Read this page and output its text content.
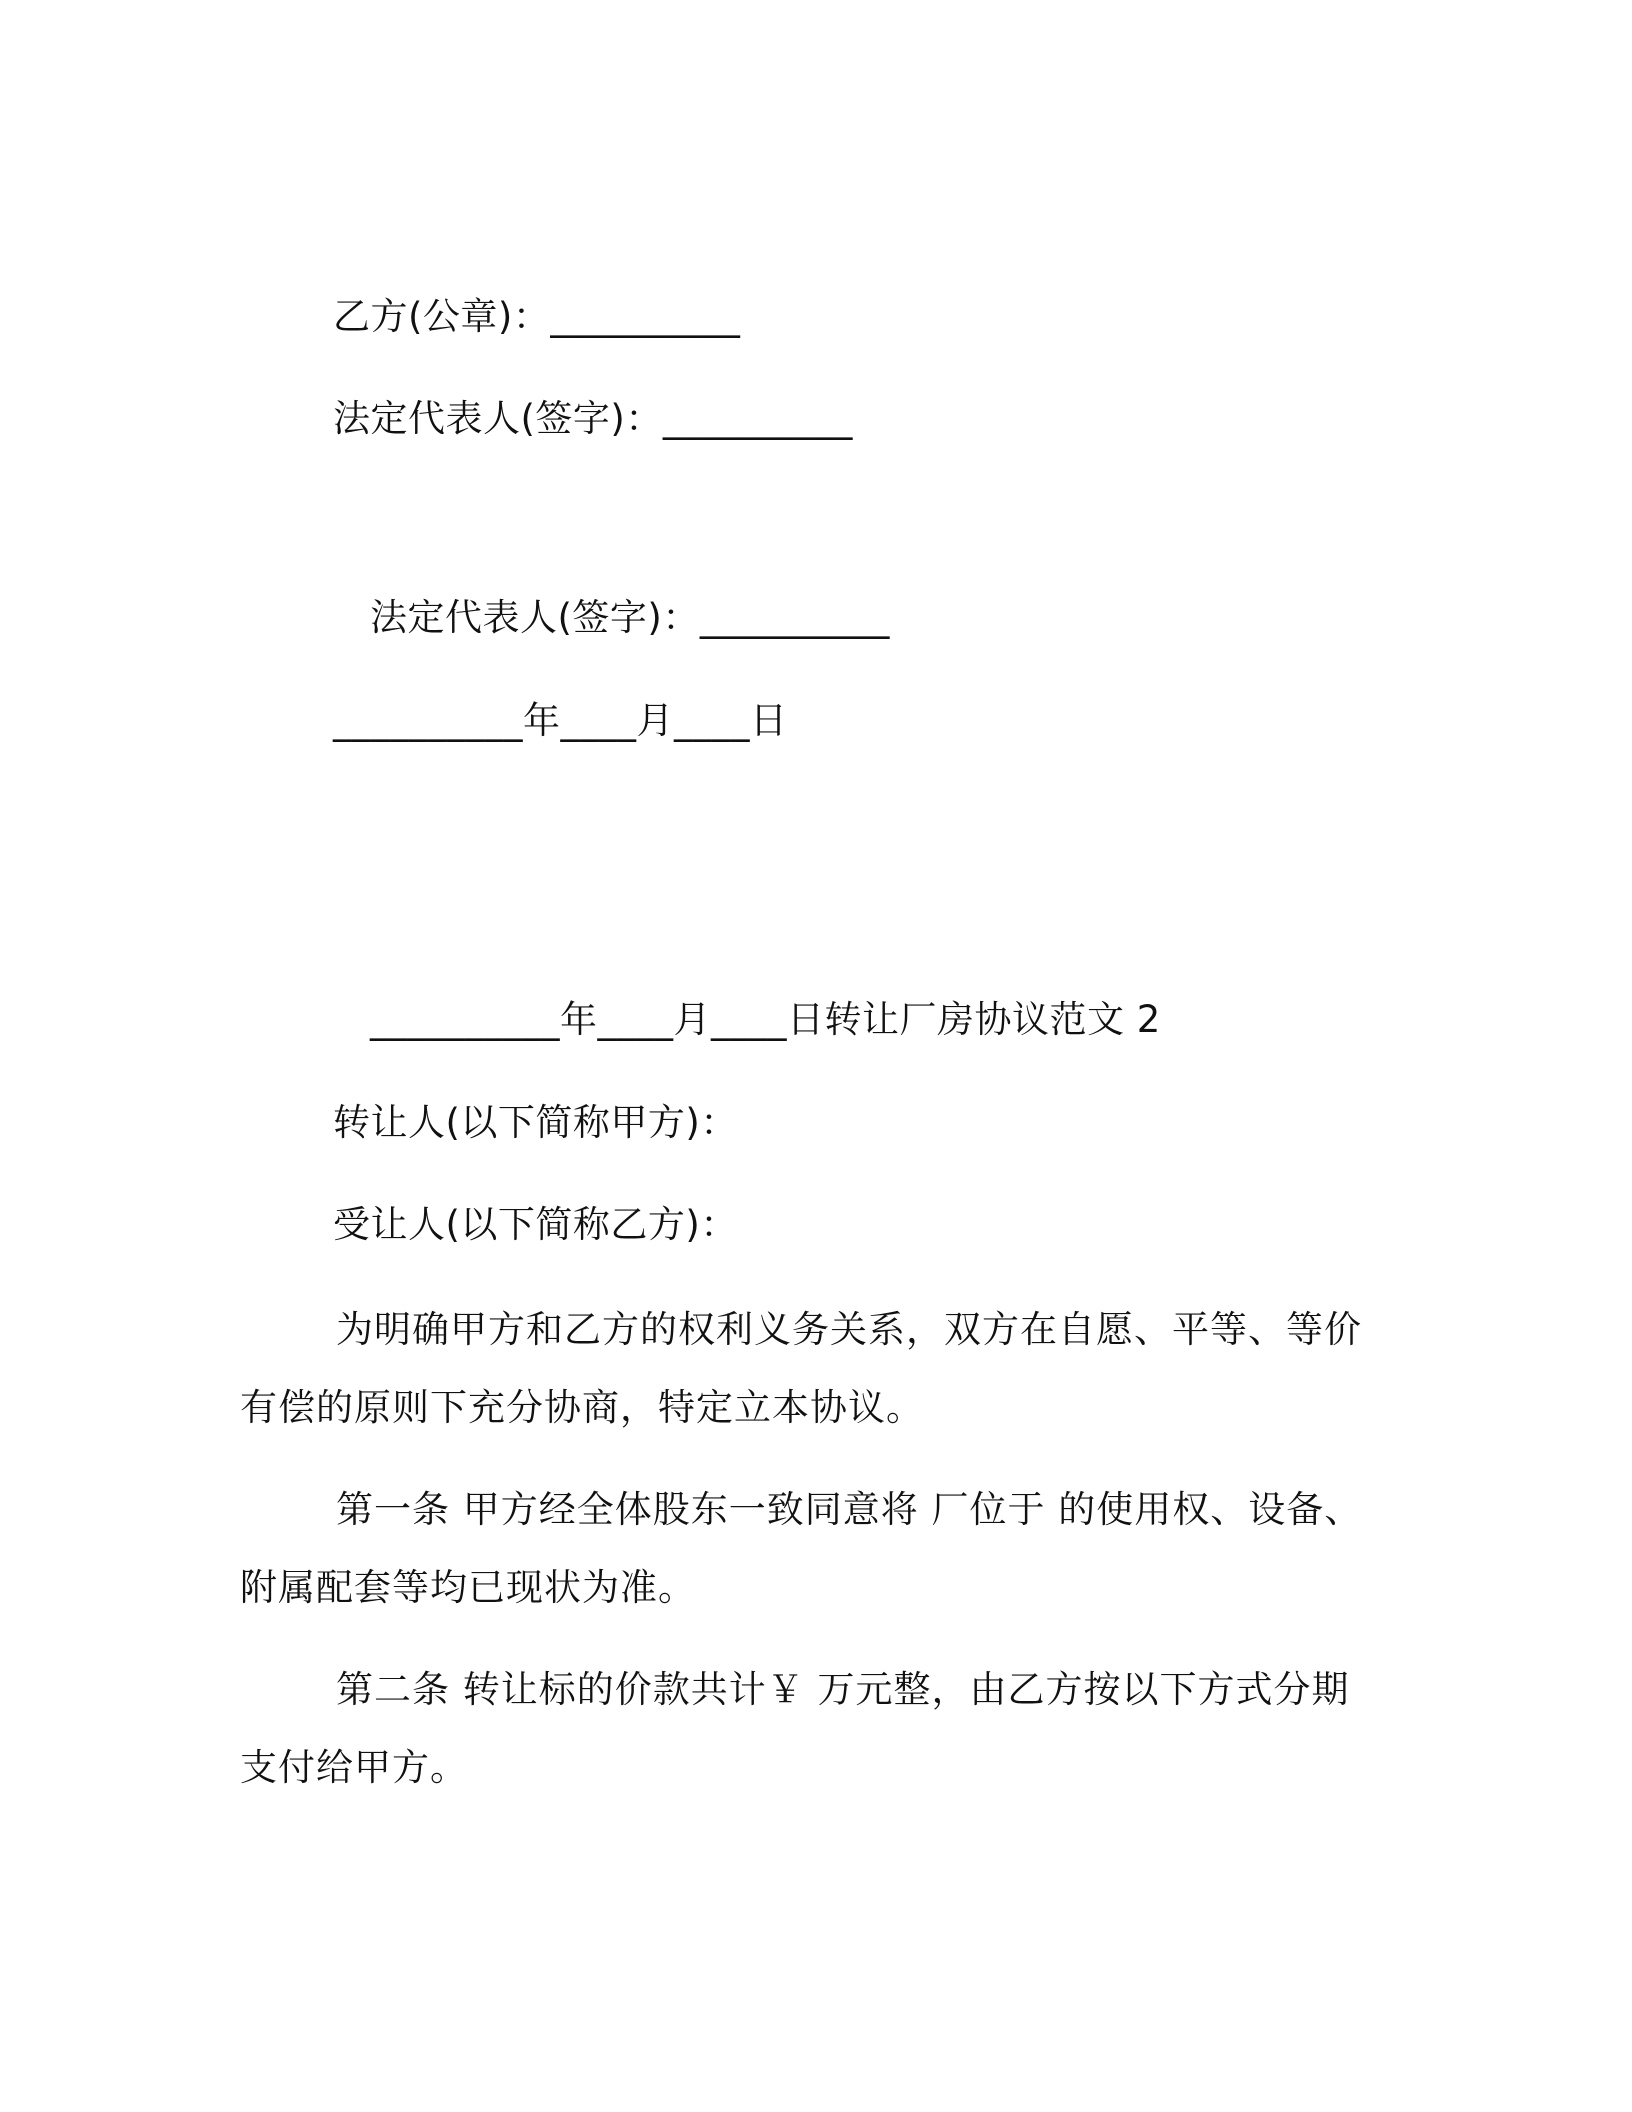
乙方(公章)：__________
法定代表人(签字)：__________
法定代表人(签字)：__________
__________年____月____日
__________年____月____日转让厂房协议范文 2
转让人(以下简称甲方)：
受让人(以下简称乙方)：
为明确甲方和乙方的权利义务关系，双方在自愿、平等、等价有偿的原则下充分协商，特定立本协议。
第一条 甲方经全体股东一致同意将 厂位于 的使用权、设备、附属配套等均已现状为准。
第二条 转让标的价款共计￥ 万元整，由乙方按以下方式分期支付给甲方。
